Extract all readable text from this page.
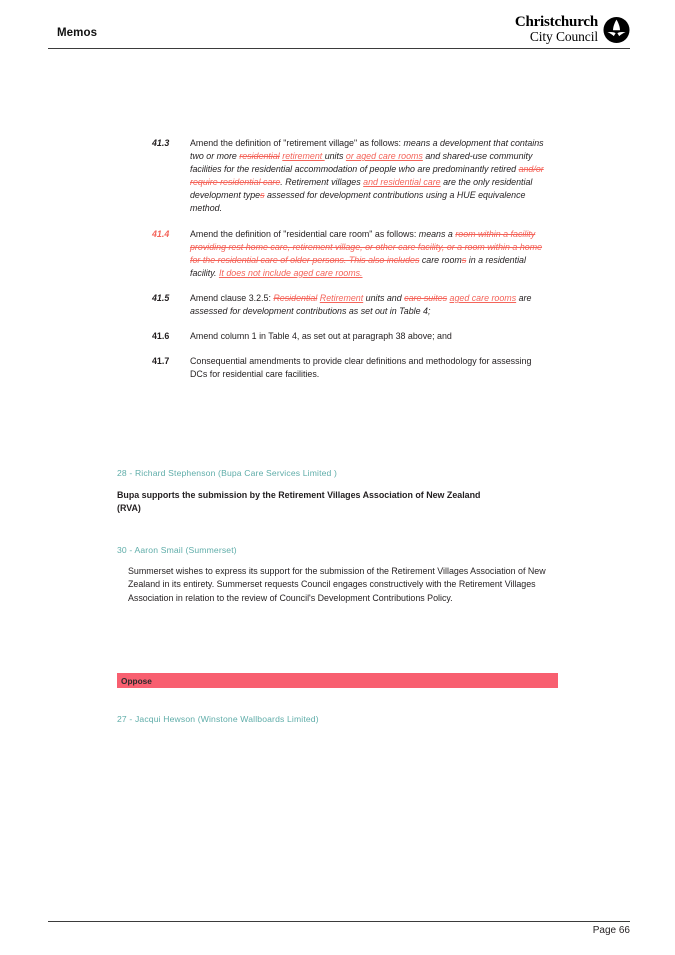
Memos
Christchurch
City Council
41.3	Amend the definition of "retirement village" as follows: means a development that contains two or more residential retirement units or aged care rooms and shared-use community facilities for the residential accommodation of people who are predominantly retired and/or require residential care. Retirement villages and residential care are the only residential development types assessed for development contributions using a HUE equivalence method.
41.4	Amend the definition of "residential care room" as follows: means a room within a facility providing rest home care, retirement village, or other care facility, or a room within a home for the residential care of older persons. This also includes care rooms in a residential facility. It does not include aged care rooms.
41.5	Amend clause 3.2.5: Residential Retirement units and care suites aged care rooms are assessed for development contributions as set out in Table 4;
41.6	Amend column 1 in Table 4, as set out at paragraph 38 above; and
41.7	Consequential amendments to provide clear definitions and methodology for assessing DCs for residential care facilities.
28 - Richard Stephenson (Bupa Care Services Limited )
Bupa supports the submission by the Retirement Villages Association of New Zealand (RVA)
30 - Aaron Smail (Summerset)
Summerset wishes to express its support for the submission of the Retirement Villages Association of New Zealand in its entirety. Summerset requests Council engages constructively with the Retirement Villages Association in relation to the review of Council's Development Contributions Policy.
Oppose
27 - Jacqui Hewson (Winstone Wallboards Limited)
Page 66
